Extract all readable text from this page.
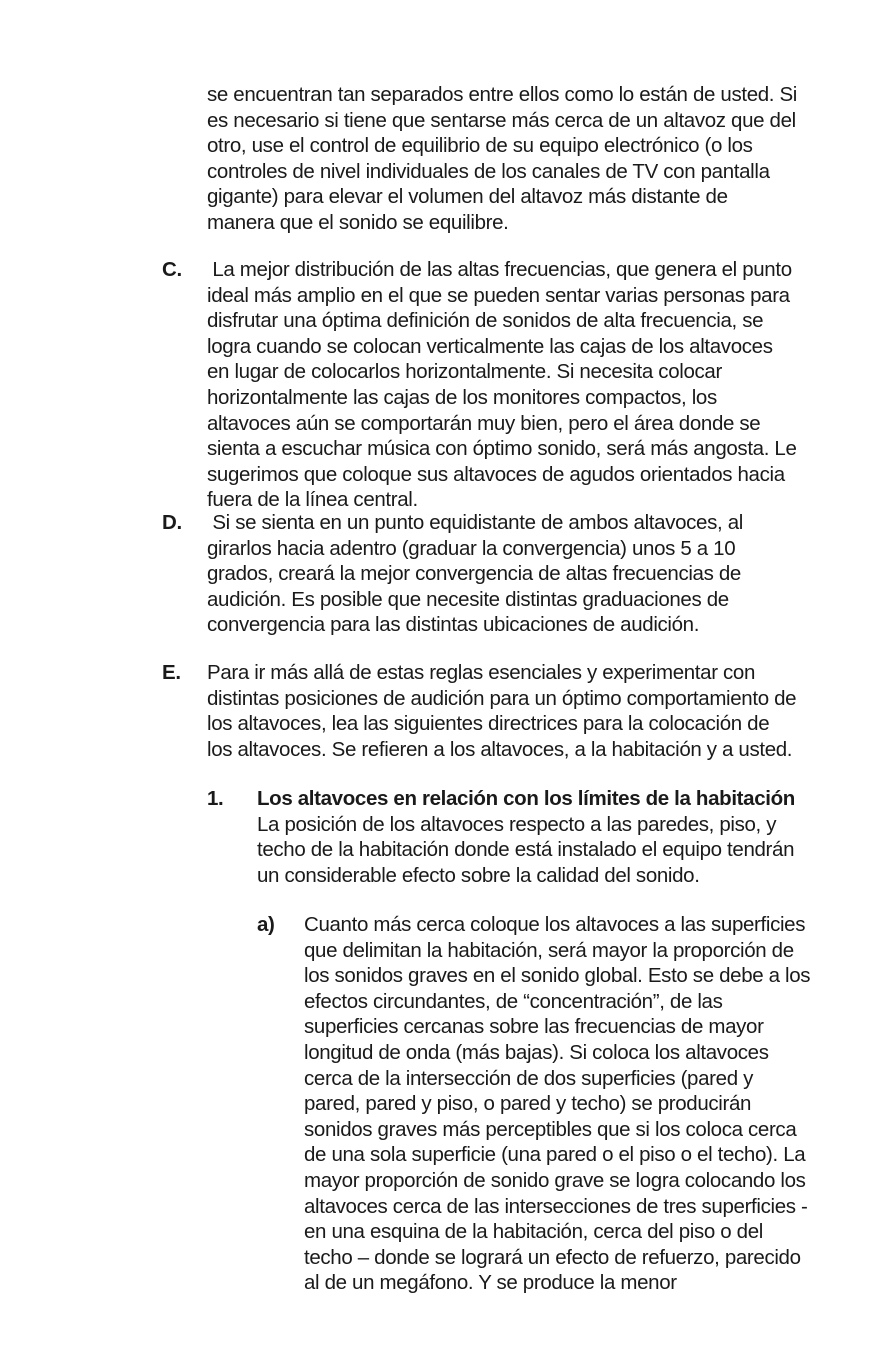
se encuentran tan separados entre ellos como lo están de usted. Si es necesario si tiene que sentarse más cerca de un altavoz que del otro, use el control de equilibrio de su equipo electrónico (o los controles de nivel individuales de los canales de TV con pantalla gigante) para elevar el volumen del altavoz más distante de manera que el sonido se equilibre.

C. La mejor distribución de las altas frecuencias, que genera el punto ideal más amplio en el que se pueden sentar varias personas para disfrutar una óptima definición de sonidos de alta frecuencia, se logra cuando se colocan verticalmente las cajas de los altavoces en lugar de colocarlos horizontalmente. Si necesita colocar horizontalmente las cajas de los monitores compactos, los altavoces aún se comportarán muy bien, pero el área donde se sienta a escuchar música con óptimo sonido, será más angosta. Le sugerimos que coloque sus altavoces de agudos orientados hacia fuera de la línea central.

D. Si se sienta en un punto equidistante de ambos altavoces, al girarlos hacia adentro (graduar la convergencia) unos 5 a 10 grados, creará la mejor convergencia de altas frecuencias de audición. Es posible que necesite distintas graduaciones de convergencia para las distintas ubicaciones de audición.

E. Para ir más allá de estas reglas esenciales y experimentar con distintas posiciones de audición para un óptimo comportamiento de los altavoces, lea las siguientes directrices para la colocación de los altavoces. Se refieren a los altavoces, a la habitación y a usted.

1. Los altavoces en relación con los límites de la habitación

La posición de los altavoces respecto a las paredes, piso, y techo de la habitación donde está instalado el equipo tendrán un considerable efecto sobre la calidad del sonido.

a) Cuanto más cerca coloque los altavoces a las superficies que delimitan la habitación, será mayor la proporción de los sonidos graves en el sonido global. Esto se debe a los efectos circundantes, de “concentración”, de las superficies cercanas sobre las frecuencias de mayor longitud de onda (más bajas). Si coloca los altavoces cerca de la intersección de dos superficies (pared y pared, pared y piso, o pared y techo) se producirán sonidos graves más perceptibles que si los coloca cerca de una sola superficie (una pared o el piso o el techo). La mayor proporción de sonido grave se logra colocando los altavoces cerca de las intersecciones de tres superficies - en una esquina de la habitación, cerca del piso o del techo – donde se logrará un efecto de refuerzo, parecido al de un megáfono. Y se produce la menor
